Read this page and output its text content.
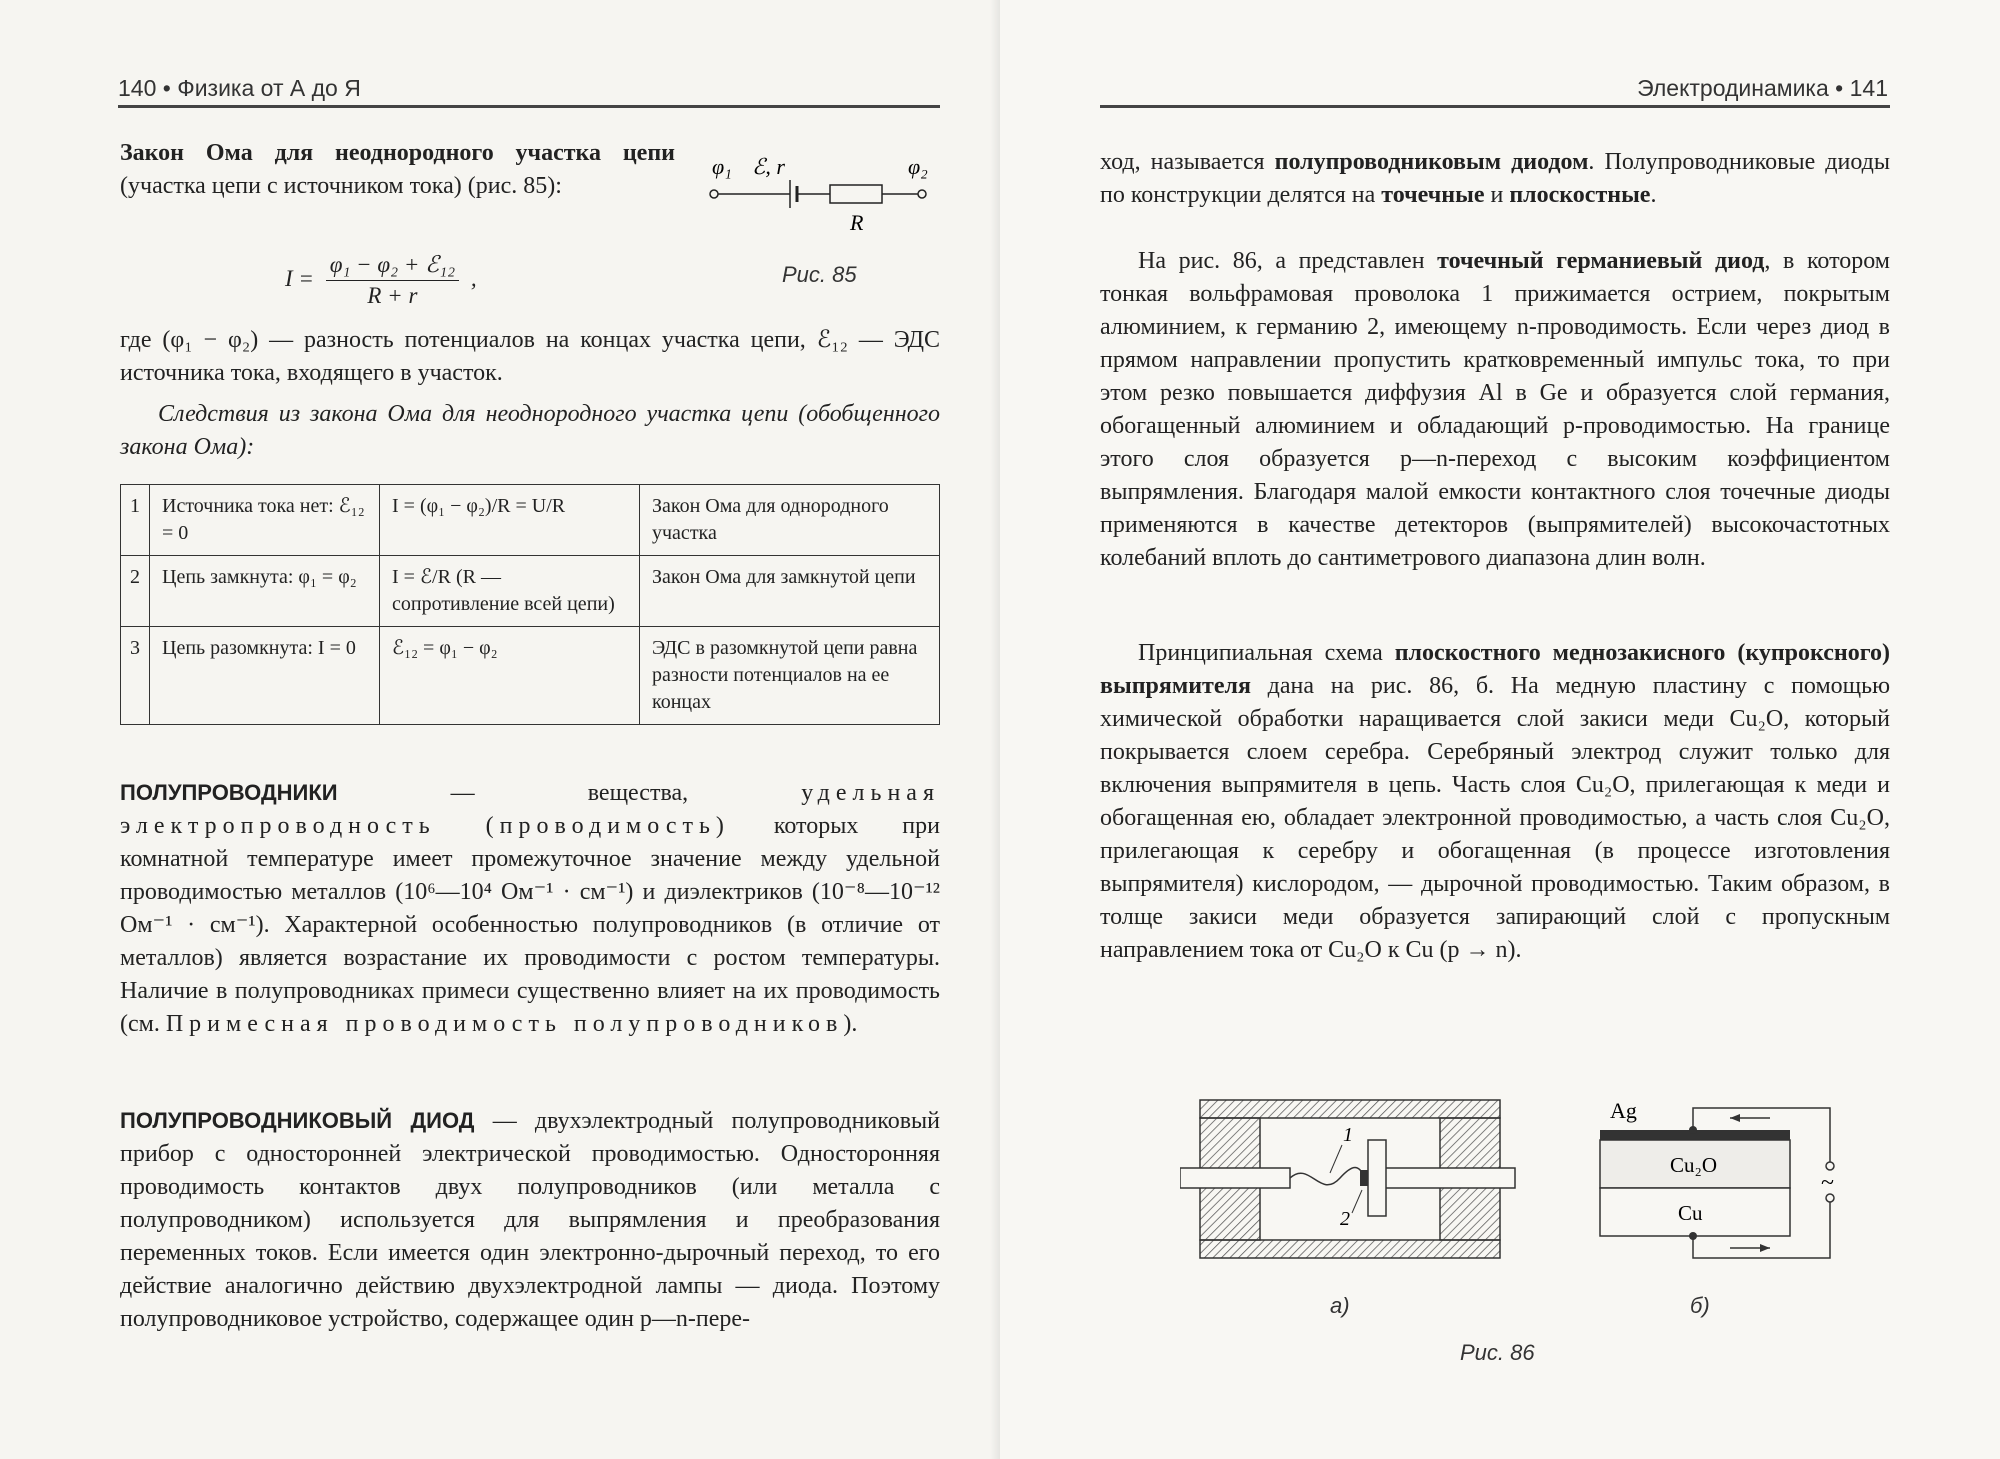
140 • Физика от А до Я

Закон Ома для неоднородного участка цепи (участка цепи с источником тока) (рис. 85):

φ₁ ℰ, r	φ₂
R
$I = \frac{\text{φ₁ − φ₂ + ℰ₁₂}}{R + r}$ ,	Рис. 85

где (φ₁ − φ₂) — разность потенциалов на концах участка цепи, ℰ₁₂ — ЭДС источника тока, входящего в участок.

Следствия из закона Ома для неоднородного участка цепи (обобщенного закона Ома):

1	Источника тока нет: ℰ₁₂ = 0	I = (φ₁ − φ₂)/R = U/R	Закон Ома для однородного участка
2	Цепь замкнута: φ₁ = φ₂	I = ℰ/R (R — сопротивление всей цепи)	Закон Ома для замкнутой цепи
3	Цепь разомкнута: I = 0	ℰ₁₂ = φ₁ − φ₂	ЭДС в разомкнутой цепи равна разности потенциалов на ее концах

ПОЛУПРОВОДНИКИ — вещества, удельная электропроводность (проводимость) которых при комнатной температуре имеет промежуточное значение между удельной проводимостью металлов (10⁶—10⁴ Ом⁻¹ · см⁻¹) и диэлектриков (10⁻⁸—10⁻¹² Ом⁻¹ · см⁻¹). Характерной особенностью полупроводников (в отличие от металлов) является возрастание их проводимости с ростом температуры. Наличие в полупроводниках примеси существенно влияет на их проводимость (см. Примесная проводимость полупроводников).

ПОЛУПРОВОДНИКОВЫЙ ДИОД — двухэлектродный полупроводниковый прибор с односторонней электрической проводимостью. Односторонняя проводимость контактов двух полупроводников (или металла с полупроводником) используется для выпрямления и преобразования переменных токов. Если имеется один электронно-дырочный переход, то его действие аналогично действию двухэлектродной лампы — диода. Поэтому полупроводниковое устройство, содержащее один p—n-пере-

Электродинамика • 141

ход, называется полупроводниковым диодом. Полупроводниковые диоды по конструкции делятся на точечные и плоскостные.

На рис. 86, а представлен точечный германиевый диод, в котором тонкая вольфрамовая проволока 1 прижимается острием, покрытым алюминием, к германию 2, имеющему n-проводимость. Если через диод в прямом направлении пропустить кратковременный импульс тока, то при этом резко повышается диффузия Al в Ge и образуется слой германия, обогащенный алюминием и обладающий p-проводимостью. На границе этого слоя образуется p—n-переход с высоким коэффициентом выпрямления. Благодаря малой емкости контактного слоя точечные диоды применяются в качестве детекторов (выпрямителей) высокочастотных колебаний вплоть до сантиметрового диапазона длин волн.

Принципиальная схема плоскостного меднозакисного (купроксного) выпрямителя дана на рис. 86, б. На медную пластину с помощью химической обработки наращивается слой закиси меди Cu₂O, который покрывается слоем серебра. Серебряный электрод служит только для включения выпрямителя в цепь. Часть слоя Cu₂O, прилегающая к меди и обогащенная ею, обладает электронной проводимостью, а часть слоя Cu₂O, прилегающая к серебру и обогащенная (в процессе изготовления выпрямителя) кислородом, — дырочной проводимостью. Таким образом, в толще закиси меди образуется запирающий слой с пропускным направлением тока от Cu₂O к Cu (p → n).

1
2
Ag
Cu₂O
Cu
~
а)	б)
Рис. 86
